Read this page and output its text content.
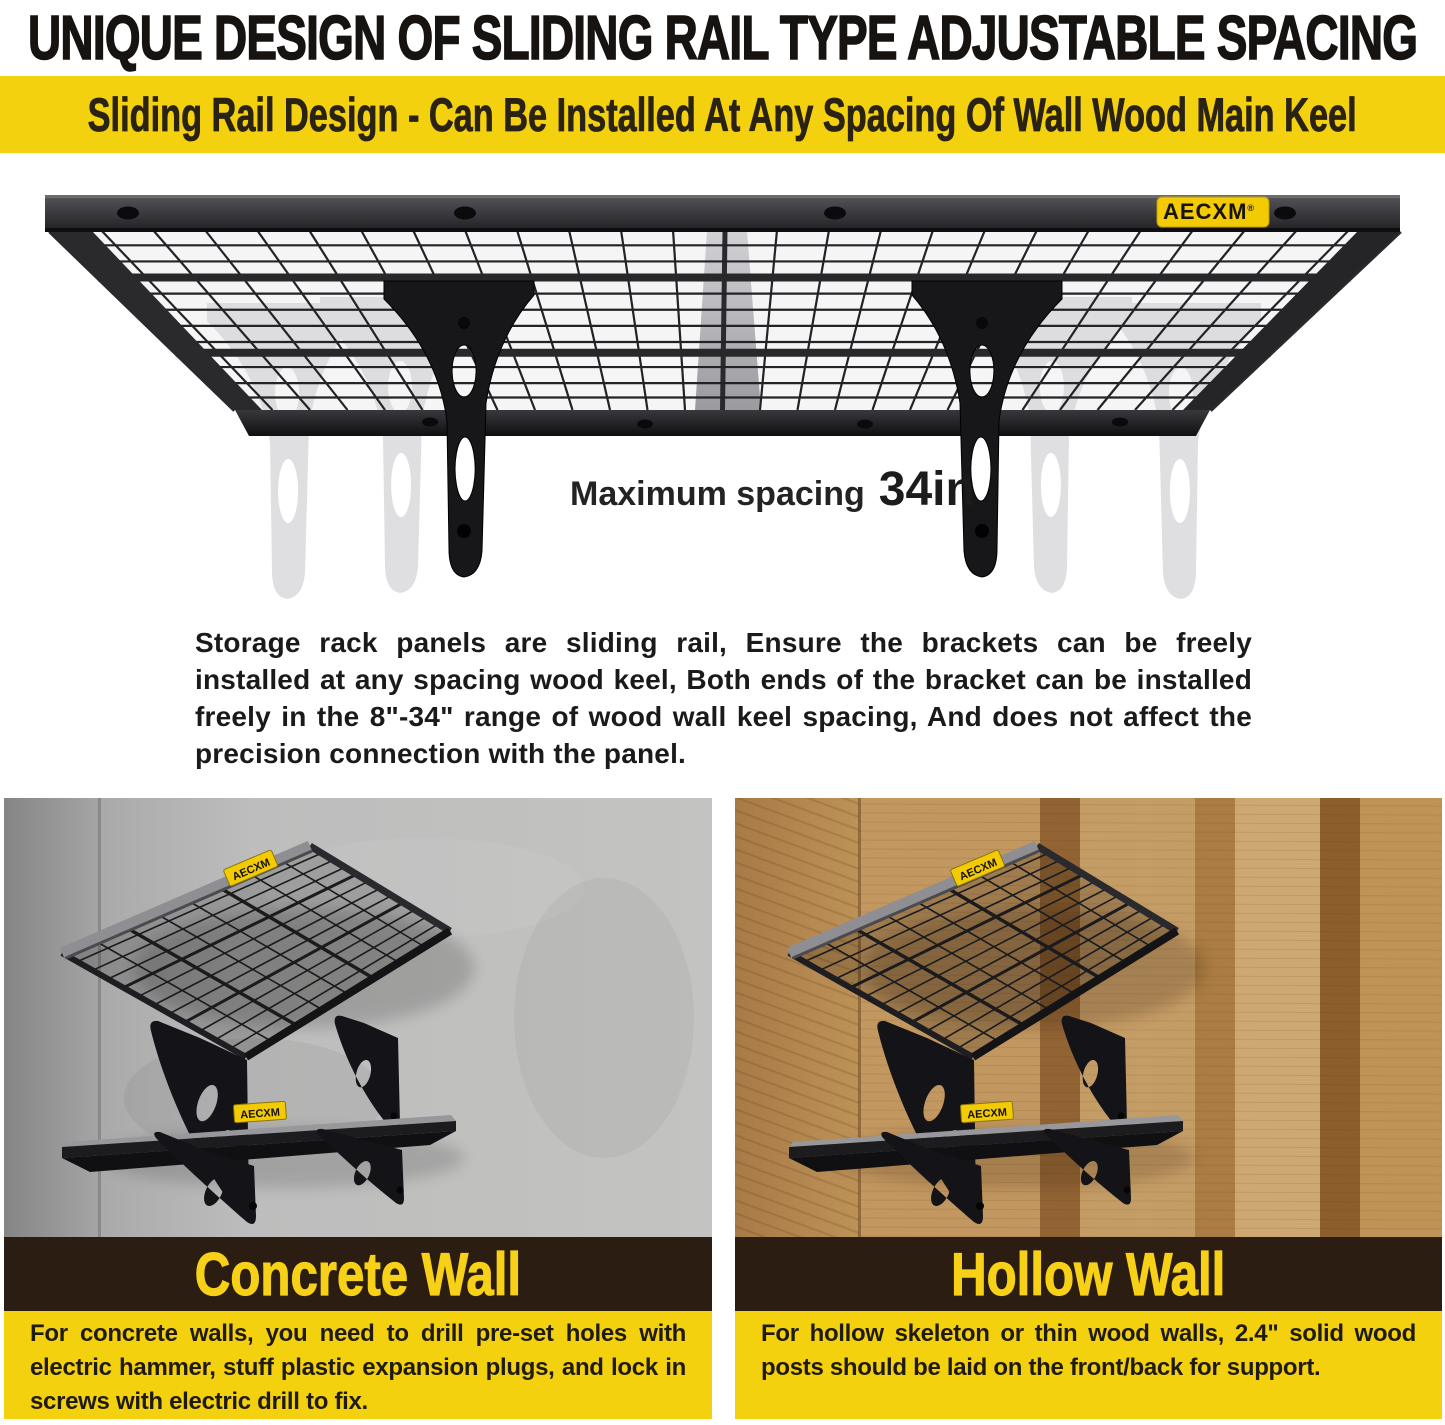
UNIQUE DESIGN OF SLIDING RAIL TYPE ADJUSTABLE SPACING
Sliding Rail Design - Can Be Installed At Any Spacing Of Wall Wood Main Keel
AECXM®
Maximum spacing 34in

Storage rack panels are sliding rail, Ensure the brackets can be freely installed at any spacing wood keel, Both ends of the bracket can be installed freely in the 8"-34" range of wood wall keel spacing, And does not affect the precision connection with the panel.

Concrete Wall

For concrete walls, you need to drill pre-set holes with electric hammer, stuff plastic expansion plugs, and lock in screws with electric drill to fix.

Hollow Wall

For hollow skeleton or thin wood walls, 2.4" solid wood posts should be laid on the front/back for support.
